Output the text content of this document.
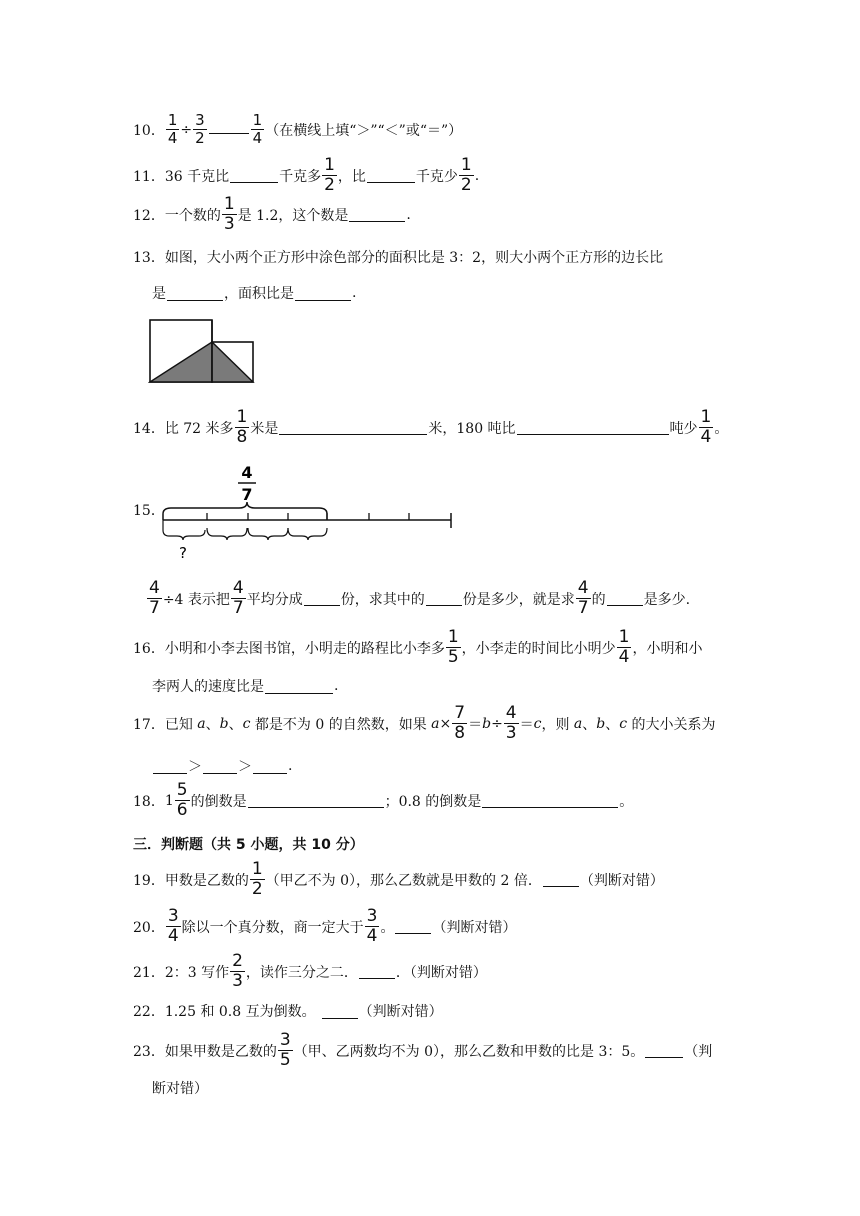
10． $\frac{1}{4} \div \frac{3}{2}$	$\frac{1}{4}$ （在横线上填“＞”“＜”或“＝”）
11． 36 千克比	千克多 $\frac{1}{2}$ ，比	千克少 $\frac{1}{2}$ .
12． 一个数的 $\frac{1}{3}$ 是 1.2，这个数是	.
13． 如图，大小两个正方形中涂色部分的面积比是 3：2，则大小两个正方形的边长比
是	，面积比是	.
14． 比 72 米多 $\frac{1}{8}$ 米是	米，180 吨比	吨少 $\frac{1}{4}$ 。
15．
4
7
?
$\frac{4}{7} \div 4$ 表示把 $\frac{4}{7}$ 平均分成	份，求其中的	份是多少，就是求 $\frac{4}{7}$ 的	是多少.
16． 小明和小李去图书馆，小明走的路程比小李多 $\frac{1}{5}$ ，小李走的时间比小明少 $\frac{1}{4}$ ，小明和小
李两人的速度比是	.
17． 已知 a 、 b 、 c 都是不为 0 的自然数，如果 $a \times \frac{7}{8} = b \div \frac{4}{3} = c$ ，则 a 、 b 、 c 的大小关系为
＞	＞	.
18． $1 \frac{5}{6}$ 的倒数是	；0.8 的倒数是	。
三．判断题（共 5 小题，共 10 分）
19． 甲数是乙数的 $\frac{1}{2}$ （甲乙不为 0），那么乙数就是甲数的 2 倍．	（判断对错）
20． $\frac{3}{4}$ 除以一个真分数，商一定大于 $\frac{3}{4}$ 。	（判断对错）
21． 2：3 写作 $\frac{2}{3}$ ，读作三分之二．	．（判断对错）
22． 1.25 和 0.8 互为倒数。	（判断对错）
23． 如果甲数是乙数的 $\frac{3}{5}$ （甲、乙两数均不为 0），那么乙数和甲数的比是 3：5。	（判
断对错）
